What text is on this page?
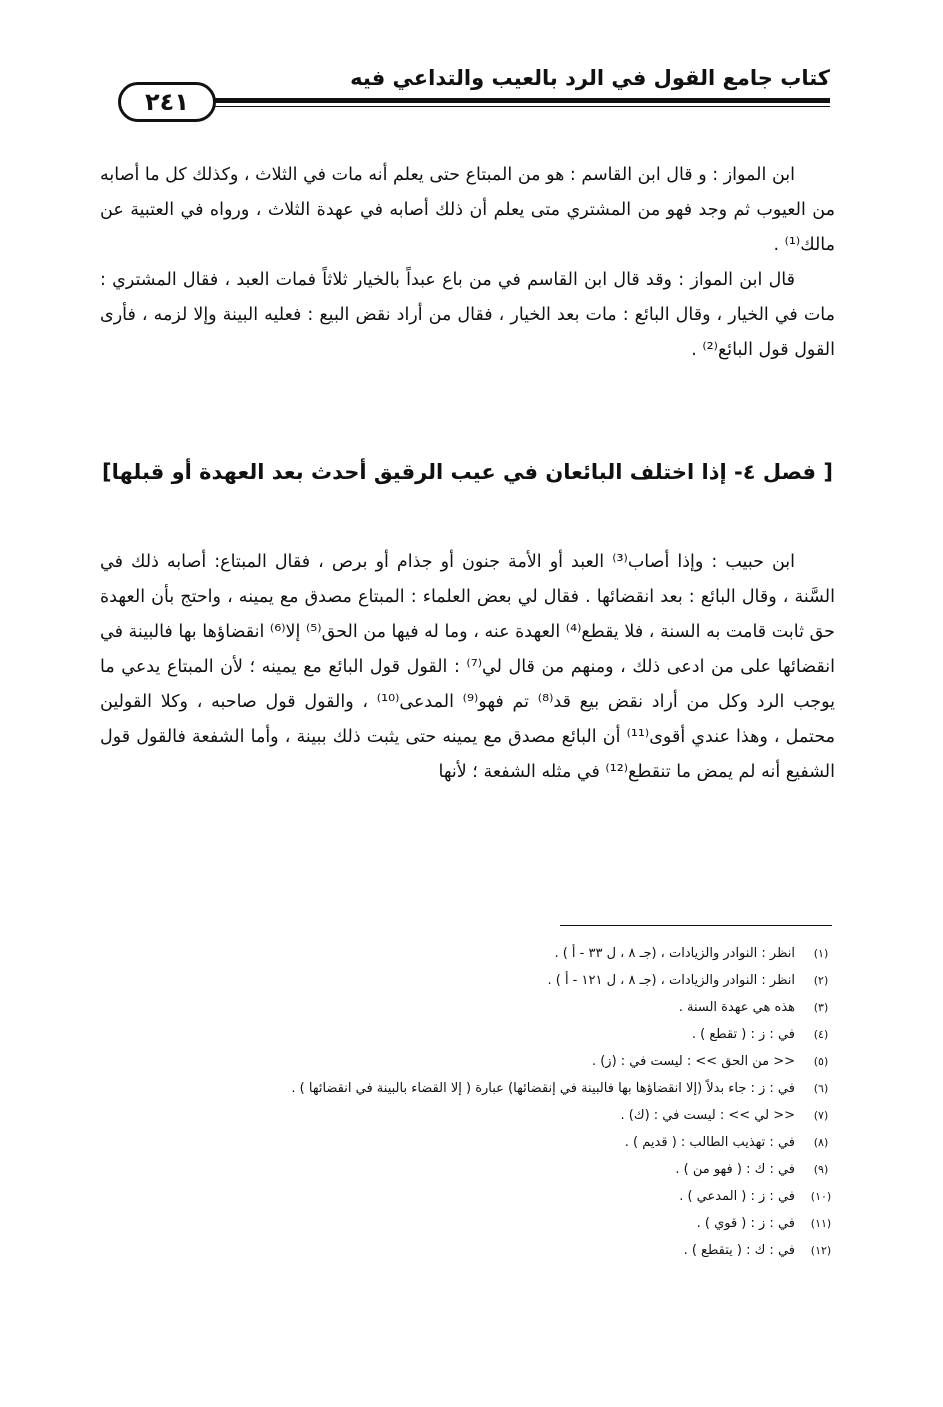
كتاب جامع القول في الرد بالعيب والتداعي فيه
٢٤١

ابن المواز : و قال ابن القاسم : هو من المبتاع حتى يعلم أنه مات في الثلاث ، وكذلك كل ما أصابه من العيوب ثم وجد فهو من المشتري متى يعلم أن ذلك أصابه في عهدة الثلاث ، ورواه في العتبية عن مالك⁽¹⁾ .

قال ابن المواز : وقد قال ابن القاسم في من باع عبداً بالخيار ثلاثاً فمات العبد ، فقال المشتري : مات في الخيار ، وقال البائع : مات بعد الخيار ، فقال من أراد نقض البيع : فعليه البينة وإلا لزمه ، فأرى القول قول البائع⁽²⁾ .

[ فصل ٤- إذا اختلف البائعان في عيب الرقيق أحدث بعد العهدة أو قبلها]

ابن حبيب : وإذا أصاب⁽³⁾ العبد أو الأمة جنون أو جذام أو برص ، فقال المبتاع: أصابه ذلك في السَّنة ، وقال البائع : بعد انقضائها . فقال لي بعض العلماء : المبتاع مصدق مع يمينه ، واحتج بأن العهدة حق ثابت قامت به السنة ، فلا يقطع⁽⁴⁾ العهدة عنه ، وما له فيها من الحق⁽⁵⁾ إلا⁽⁶⁾ انقضاؤها بها فالبينة في انقضائها على من ادعى ذلك ، ومنهم من قال لي⁽⁷⁾ : القول قول البائع مع يمينه ؛ لأن المبتاع يدعي ما يوجب الرد وكل من أراد نقض بيع قد⁽⁸⁾ تم فهو⁽⁹⁾ المدعى⁽¹⁰⁾ ، والقول قول صاحبه ، وكلا القولين محتمل ، وهذا عندي أقوى⁽¹¹⁾ أن البائع مصدق مع يمينه حتى يثبت ذلك ببينة ، وأما الشفعة فالقول قول الشفيع أنه لم يمض ما تنقطع⁽¹²⁾ في مثله الشفعة ؛ لأنها

(١)
انظر : النوادر والزيادات ، (جـ ٨ ، ل ٣٣ - أ ) .
(٢)
انظر : النوادر والزيادات ، (جـ ٨ ، ل ١٢١ - أ ) .
(٣)
هذه هي عهدة السنة .
(٤)
في : ز : ( تقطع ) .
(٥)
<< من الحق >> : ليست في : (ز) .
(٦)
في : ز : جاء بدلاً (إلا انقضاؤها بها فالبينة في إنقضائها) عبارة ( إلا القضاء بالبينة في انقضائها ) .
(٧)
<< لي >> : ليست في : (ك) .
(٨)
في : تهذيب الطالب : ( قديم ) .
(٩)
في : ك : ( فهو من ) .
(١٠)
في : ز : ( المدعي ) .
(١١)
في : ز : ( قوي ) .
(١٢)
في : ك : ( يتقطع ) .
